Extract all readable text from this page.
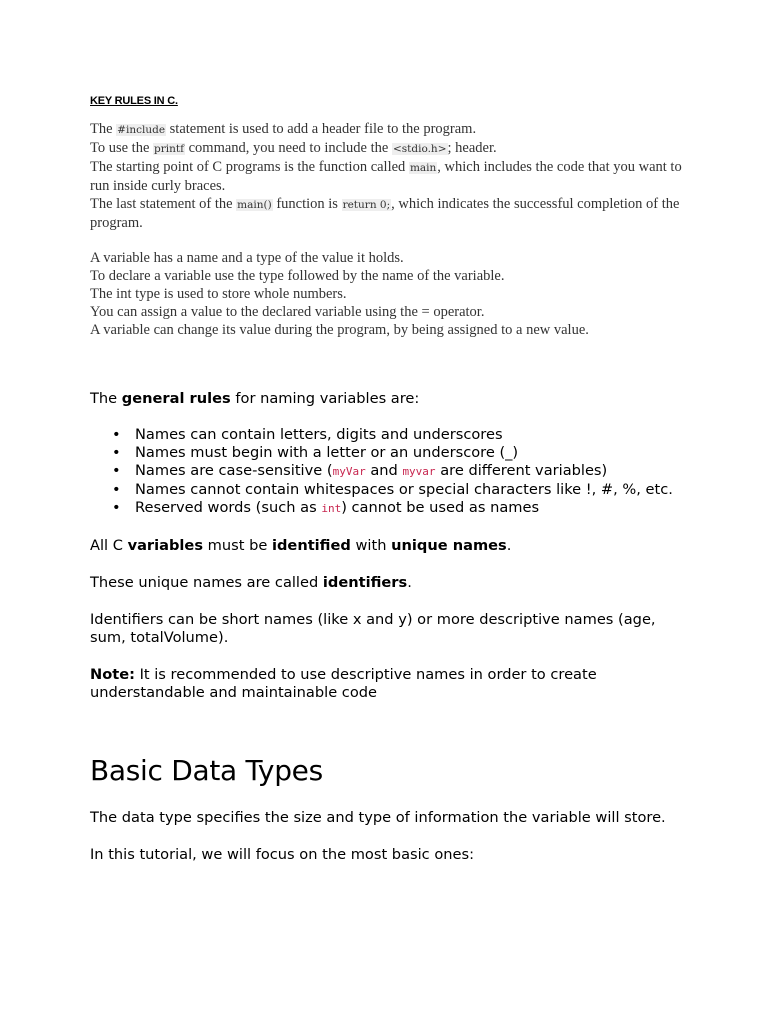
KEY RULES IN C.

The #include statement is used to add a header file to the program.
To use the printf command, you need to include the <stdio.h>; header.
The starting point of C programs is the function called main, which includes the code that you want to run inside curly braces.
The last statement of the main() function is return 0;, which indicates the successful completion of the program.

A variable has a name and a type of the value it holds.
To declare a variable use the type followed by the name of the variable.
The int type is used to store whole numbers.
You can assign a value to the declared variable using the = operator.
A variable can change its value during the program, by being assigned to a new value.

The general rules for naming variables are:

• Names can contain letters, digits and underscores
• Names must begin with a letter or an underscore (_)
• Names are case-sensitive (myVar and myvar are different variables)
• Names cannot contain whitespaces or special characters like !, #, %, etc.
• Reserved words (such as int) cannot be used as names

All C variables must be identified with unique names.

These unique names are called identifiers.

Identifiers can be short names (like x and y) or more descriptive names (age, sum, totalVolume).

Note: It is recommended to use descriptive names in order to create understandable and maintainable code

Basic Data Types

The data type specifies the size and type of information the variable will store.

In this tutorial, we will focus on the most basic ones:
